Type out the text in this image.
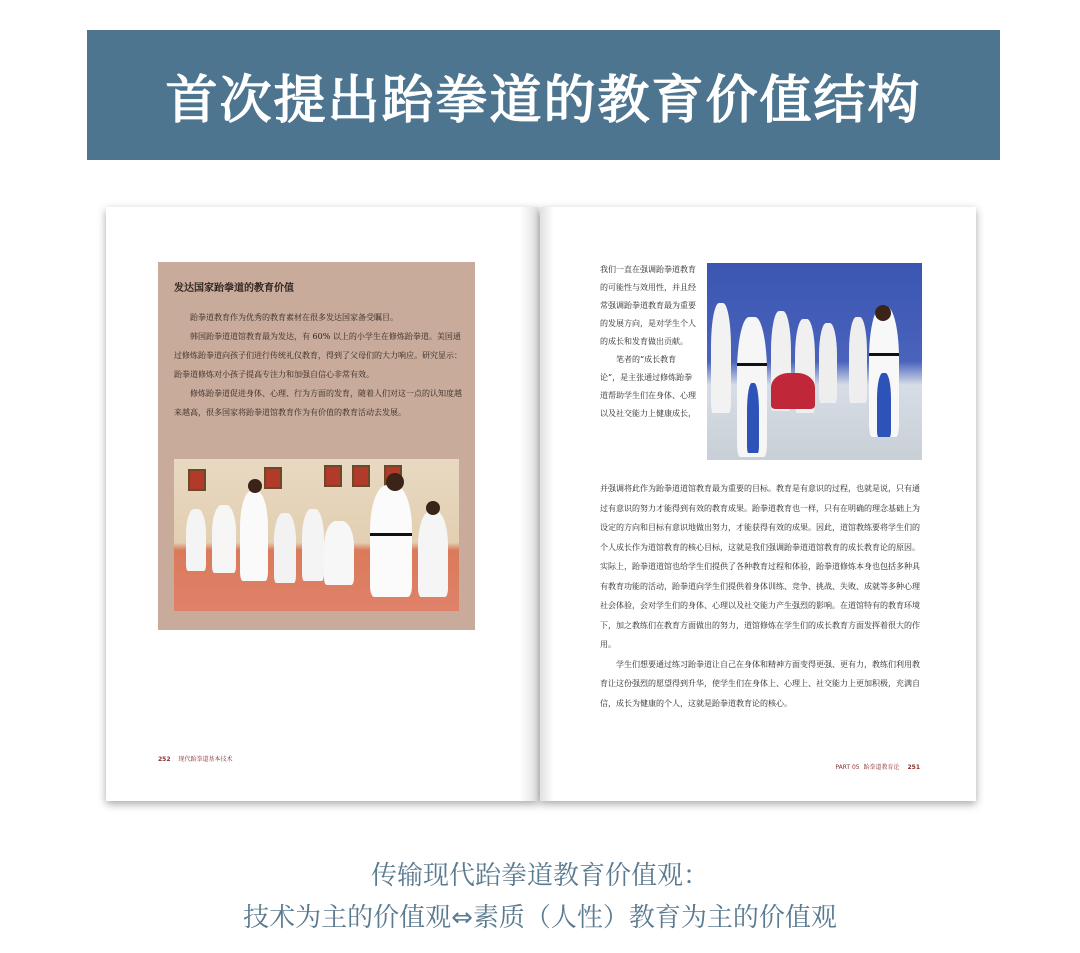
首次提出跆拳道的教育价值结构
发达国家跆拳道的教育价值

跆拳道教育作为优秀的教育素材在很多发达国家备受瞩目。

韩国跆拳道道馆教育最为发达，有 60% 以上的小学生在修炼跆拳道。美国通过修炼跆拳道向孩子们进行传统礼仪教育，得到了父母们的大力响应。研究显示：跆拳道修炼对小孩子提高专注力和加强自信心非常有效。

修炼跆拳道促进身体、心理、行为方面的发育，随着人们对这一点的认知度越来越高，很多国家将跆拳道馆教育作为有价值的教育活动去发展。

252 现代跆拳道基本技术

我们一直在强调跆拳道教育的可能性与效用性，并且经常强调跆拳道教育最为重要的发展方向，是对学生个人的成长和发育做出贡献。

笔者的“成长教育论”，是主张通过修炼跆拳道帮助学生们在身体、心理以及社交能力上健康成长，

并强调将此作为跆拳道道馆教育最为重要的目标。教育是有意识的过程，也就是说，只有通过有意识的努力才能得到有效的教育成果。跆拳道教育也一样，只有在明确的理念基础上为设定的方向和目标有意识地做出努力，才能获得有效的成果。因此，道馆教练要将学生们的个人成长作为道馆教育的核心目标，这就是我们强调跆拳道道馆教育的成长教育论的原因。实际上，跆拳道道馆也给学生们提供了各种教育过程和体验，跆拳道修炼本身也包括多种具有教育功能的活动，跆拳道向学生们提供着身体训练、竞争、挑战、失败、成就等多种心理社会体验，会对学生们的身体、心理以及社交能力产生强烈的影响。在道馆特有的教育环境下，加之教练们在教育方面做出的努力，道馆修炼在学生们的成长教育方面发挥着很大的作用。

学生们想要通过练习跆拳道让自己在身体和精神方面变得更强、更有力，教练们利用教育让这份强烈的愿望得到升华，使学生们在身体上、心理上、社交能力上更加积极，充满自信，成长为健康的个人，这就是跆拳道教育论的核心。

PART 05 跆拳道教育论 251
传输现代跆拳道教育价值观：
技术为主的价值观⇔素质（人性）教育为主的价值观
